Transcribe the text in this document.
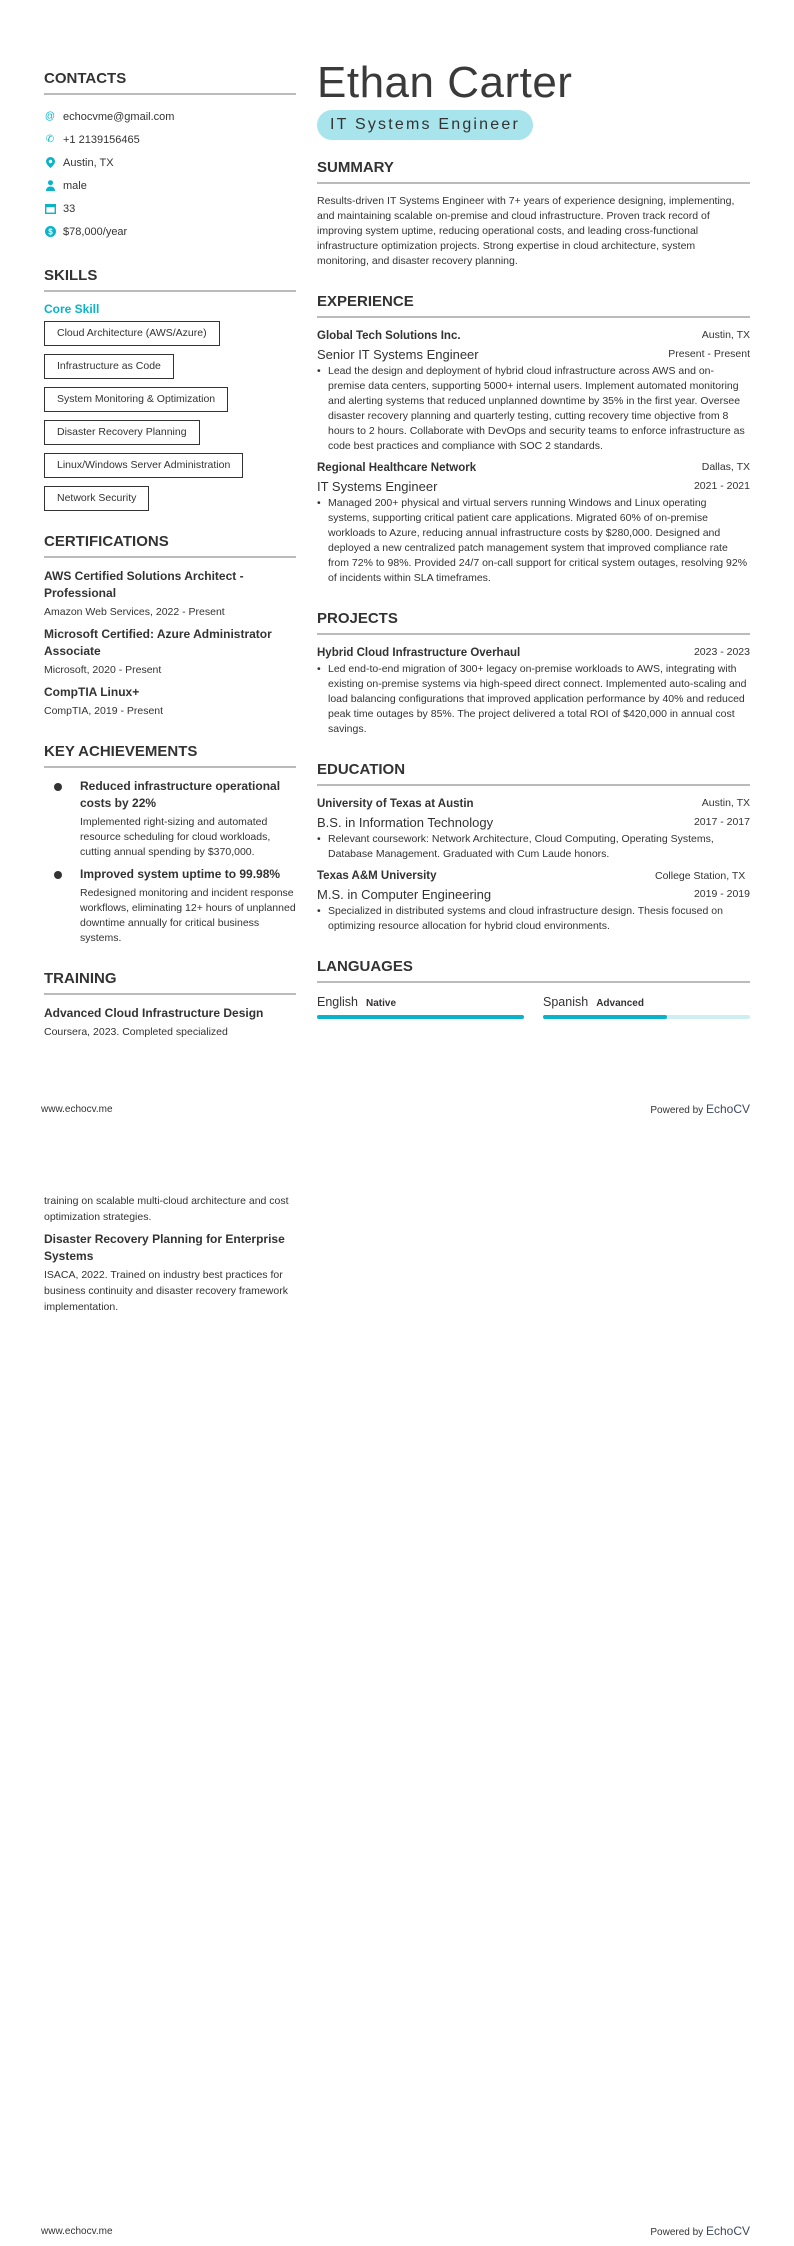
CONTACTS
@ echocvme@gmail.com
✆ +1 2139156465
Austin, TX
male
33
$ $78,000/year
SKILLS
Core Skill
Cloud Architecture (AWS/Azure)
Infrastructure as Code
System Monitoring & Optimization
Disaster Recovery Planning
Linux/Windows Server Administration
Network Security
CERTIFICATIONS
AWS Certified Solutions Architect - Professional
Amazon Web Services, 2022 - Present
Microsoft Certified: Azure Administrator Associate
Microsoft, 2020 - Present
CompTIA Linux+
CompTIA, 2019 - Present
KEY ACHIEVEMENTS
Reduced infrastructure operational costs by 22%
Implemented right-sizing and automated resource scheduling for cloud workloads, cutting annual spending by $370,000.
Improved system uptime to 99.98%
Redesigned monitoring and incident response workflows, eliminating 12+ hours of unplanned downtime annually for critical business systems.
TRAINING
Advanced Cloud Infrastructure Design
Coursera, 2023. Completed specialized
Ethan Carter
IT Systems Engineer
SUMMARY
Results-driven IT Systems Engineer with 7+ years of experience designing, implementing, and maintaining scalable on-premise and cloud infrastructure. Proven track record of improving system uptime, reducing operational costs, and leading cross-functional infrastructure optimization projects. Strong expertise in cloud architecture, system monitoring, and disaster recovery planning.
EXPERIENCE
Global Tech Solutions Inc.	Austin, TX
Senior IT Systems Engineer	Present - Present
• Lead the design and deployment of hybrid cloud infrastructure across AWS and on-premise data centers, supporting 5000+ internal users. Implement automated monitoring and alerting systems that reduced unplanned downtime by 35% in the first year. Oversee disaster recovery planning and quarterly testing, cutting recovery time objective from 8 hours to 2 hours. Collaborate with DevOps and security teams to enforce infrastructure as code best practices and compliance with SOC 2 standards.
Regional Healthcare Network	Dallas, TX
IT Systems Engineer	2021 - 2021
• Managed 200+ physical and virtual servers running Windows and Linux operating systems, supporting critical patient care applications. Migrated 60% of on-premise workloads to Azure, reducing annual infrastructure costs by $280,000. Designed and deployed a new centralized patch management system that improved compliance rate from 72% to 98%. Provided 24/7 on-call support for critical system outages, resolving 92% of incidents within SLA timeframes.
PROJECTS
Hybrid Cloud Infrastructure Overhaul	2023 - 2023
• Led end-to-end migration of 300+ legacy on-premise workloads to AWS, integrating with existing on-premise systems via high-speed direct connect. Implemented auto-scaling and load balancing configurations that improved application performance by 40% and reduced peak time outages by 85%. The project delivered a total ROI of $420,000 in annual cost savings.
EDUCATION
University of Texas at Austin	Austin, TX
B.S. in Information Technology	2017 - 2017
• Relevant coursework: Network Architecture, Cloud Computing, Operating Systems, Database Management. Graduated with Cum Laude honors.
Texas A&M University	College Station, TX
M.S. in Computer Engineering	2019 - 2019
• Specialized in distributed systems and cloud infrastructure design. Thesis focused on optimizing resource allocation for hybrid cloud environments.
LANGUAGES
English Native	Spanish Advanced
www.echocv.me	Powered by EchoCV
training on scalable multi-cloud architecture and cost optimization strategies.
Disaster Recovery Planning for Enterprise Systems
ISACA, 2022. Trained on industry best practices for business continuity and disaster recovery framework implementation.
www.echocv.me	Powered by EchoCV
